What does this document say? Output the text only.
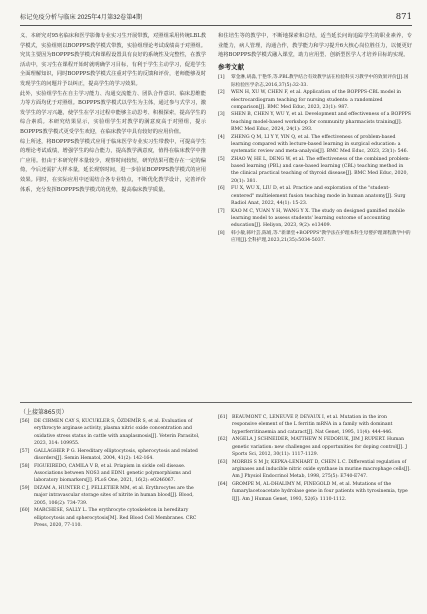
标记免疫分析与临床 2025年4月第32卷第4期	871

义、本研究对95名临床和医学影像专业实习生开展带教，对照组采用传统LBL教学模式，实验组则以BOPPPS教学模式带教，实验组理论考试成绩高于对照组。究其主要因为BOPPPS教学模式和课程设置具有良好的系统性及完整性，在教学活动中，实习生在课程开始时就明确学习目标，有利于学生主动学习，促进学生全面理解知识，同时BOPPPS教学模式注重对学生的反馈和评价，老师能够及时发现学生的问题并予以纠正，提高学生的学习效果。

此外，实验组学生在自主学习能力、沟通交流能力、团队合作意识、临床思维能力等方面均优于对照组。BOPPPS教学模式以学生为主体，通过参与式学习，激发学生的学习兴趣，使学生在学习过程中能够主动思考、积极探索，提高学生的综合素质。本研究结果显示，实验组学生对教学的满意度高于对照组，提示BOPPPS教学模式更受学生欢迎，在临床教学中具有较好的应用价值。

综上所述，将BOPPPS教学模式应用于临床医学专业实习生带教中，可提高学生的理论考试成绩，增强学生的综合能力，提高教学满意度，值得在临床教学中推广应用。但由于本研究样本量较少，观察时间较短，研究结果可能存在一定的偏倚，今后还需扩大样本量，延长观察时间，进一步验证BOPPPS教学模式的应用效果。同时，在实际应用中还需结合各专业特点，不断优化教学设计，完善评价体系，充分发挥BOPPPS教学模式的优势，提高临床教学质量。

和住培生等的教学中，不断地探索和总结，适当延长问询追踪学生的职业素养，专业能力，病人管理，沟通合作，教学能力和学习提升6大核心岗位胜任力，以便更好地将BOPPPS教学模式融入课堂，助力应用型、创新型医学人才培养目标的实现。

参考文献
[1] 覃金淋,胡淼,于艳华,等.PBL教学结合有效教学法在检验科实习教学中的效果评价[J].国际检验医学杂志,2016,37(5):32-33.
[2] WEN H, XU W, CHEN F, et al. Application of the BOPPPS-CBL model in electrocardiogram teaching for nursing students: a randomized comparison[J]. BMC Med Educ, 2023, 23(1): 987.
[3] SHEN B, CHEN Y, WU Y, et al. Development and effectiveness of a BOPPPS teaching model-based workshop for community pharmacists training[J]. BMC Med Educ, 2024, 24(1): 293.
[4] ZHENG Q M, LI Y Y, YIN Q, et al. The effectiveness of problem-based learning compared with lecture-based learning in surgical education: a systematic review and meta-analysis[J]. BMC Med Educ, 2023, 23(1): 546.
[5] ZHAO W, HE L, DENG W, et al. The effectiveness of the combined problem-based learning (PBL) and case-based learning (CBL) teaching method in the clinical practical teaching of thyroid disease[J]. BMC Med Educ, 2020, 20(1): 381.
[6] FU X, WU X, LIU D, et al. Practice and exploration of the "student-centered" multielement fusion teaching mode in human anatomy[J]. Surg Radiol Anat, 2022, 44(1): 15-23.
[7] KAO M C, YUAN Y H, WANG Y X. The study on designed gamified mobile learning model to assess students' learning outcome of accounting education[J]. Heliyon, 2023, 9(2): e13409.
[8] 韩小敏,韩叶芸,陈娟,等."新课堂+BOPPPS"教学法在护理本科生母婴护理课程教学中的应用[J].全科护理,2023,21(35):5034-5037.
（上接第865页）
[56] DE CIRMEN CAY S, KUCUKLER S, ÖZDEMİR S, et al. Evaluation of erythrocyte arginase activity, plasma nitric oxide concentration and oxidative stress status in cattle with anaplasmosis[J]. Veterin Parasitol, 2023, 314: 109955.
[57] GALLAGHER P G. Hereditary elliptocytosis, spherocytosis and related disorders[J]. Semin Hematol, 2004, 41(2): 142-164.
[58] FIGUEIREDO, CAMILA V B, et al. Priapism in sickle cell disease. Associations between NOS3 and EDN1 genetic polymorphisms and laboratory biomarkers[J]. PLoS One, 2021, 16(2): e0246067.
[59] DIZAM A, HUNTER C J, PELLETIER MM, et al. Erythrocytes are the major intravascular storage sites of nitrite in human blood[J]. Blood, 2005, 106(2): 734-739.
[60] MARCHESE, SALLY L. The erythrocyte cytoskeleton in hereditary elliptocytosis and spherocytosis[M]. Red Blood Cell Membranes. CRC Press, 2020, 77-110.
[61] BEAUMONT C, LENEUVE P, DEVAUX I, et al. Mutation in the iron responsive element of the L ferritin mRNA in a family with dominant hyperferritinaemia and cataract[J]. Nat Genet, 1995, 11(4): 444-446.
[62] ANGELA J SCHNEIDER, MATTHEW N FEDORUK, JIM J RUPERT. Human genetic variation: new challenges and opportunities for doping control[J]. J Sports Sci, 2012, 30(11): 1117-1129.
[63] MORRIS S M Jr, KEPKA-LENHART D, CHEN L C. Differential regulation of arginases and inducible nitric oxide synthase in murine macrophage cells[J]. Am J Physiol Endocrinol Metab, 1998, 275(5): E740-E747.
[64] GROMPE M, AL-DHALIMY M, FINEGOLD M, et al. Mutations of the fumarylacetoacetate hydrolase gene in four patients with tyrosinemia, type I[J]. Am J Human Genet, 1993, 52(6): 1110-1112.
